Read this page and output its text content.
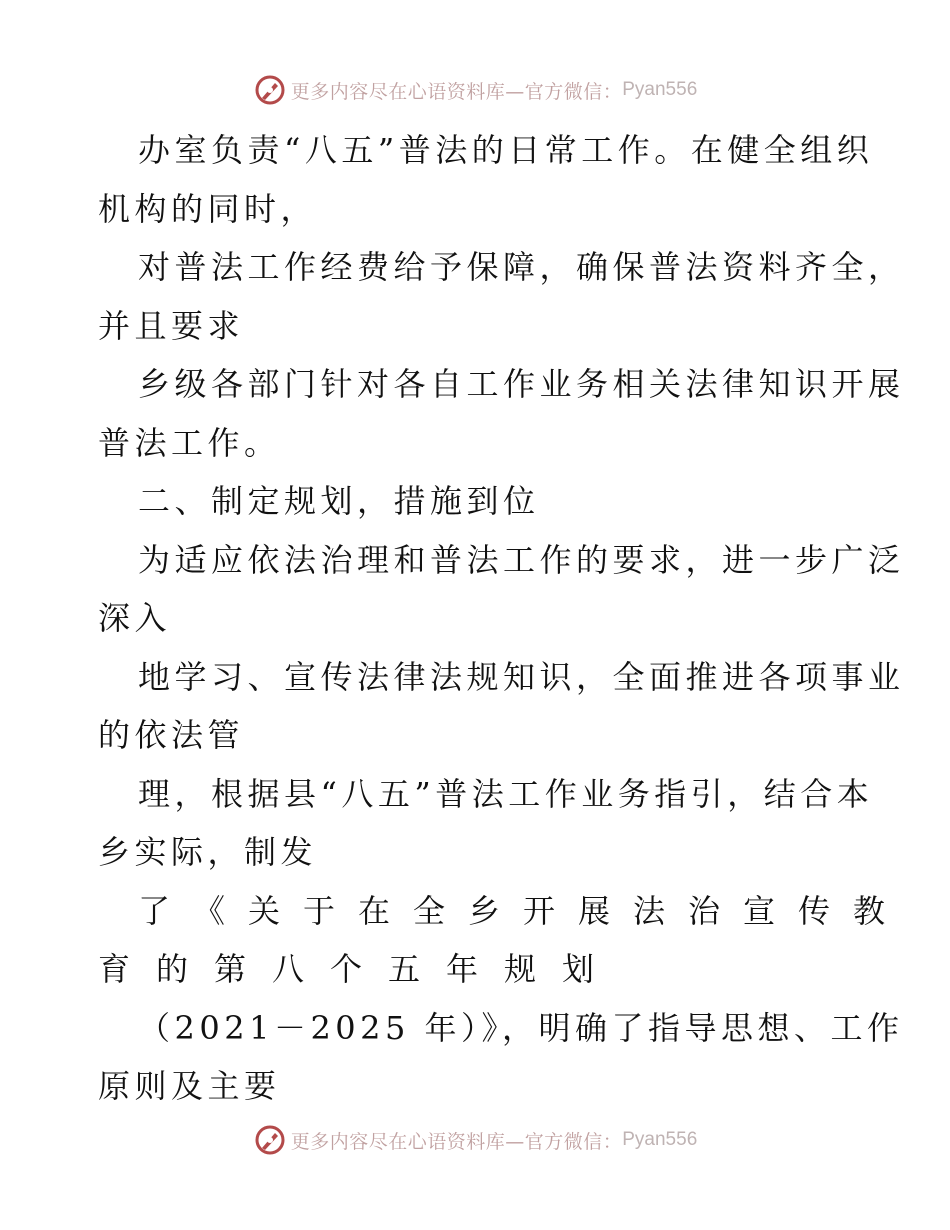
更多内容尽在心语资料库—官方微信： Pyan556
办室负责“八五”普法的日常工作。在健全组织
机构的同时，
对普法工作经费给予保障，确保普法资料齐全，
并且要求
乡级各部门针对各自工作业务相关法律知识开展
普法工作。
二、制定规划，措施到位
为适应依法治理和普法工作的要求，进一步广泛
深入
地学习、宣传法律法规知识，全面推进各项事业
的依法管
理，根据县“八五”普法工作业务指引，结合本
乡实际，制发
了《关于在全乡开展法治宣传教
育的第八个五年规划
（2021－2025 年）》，明确了指导思想、工作
原则及主要
更多内容尽在心语资料库—官方微信： Pyan556
